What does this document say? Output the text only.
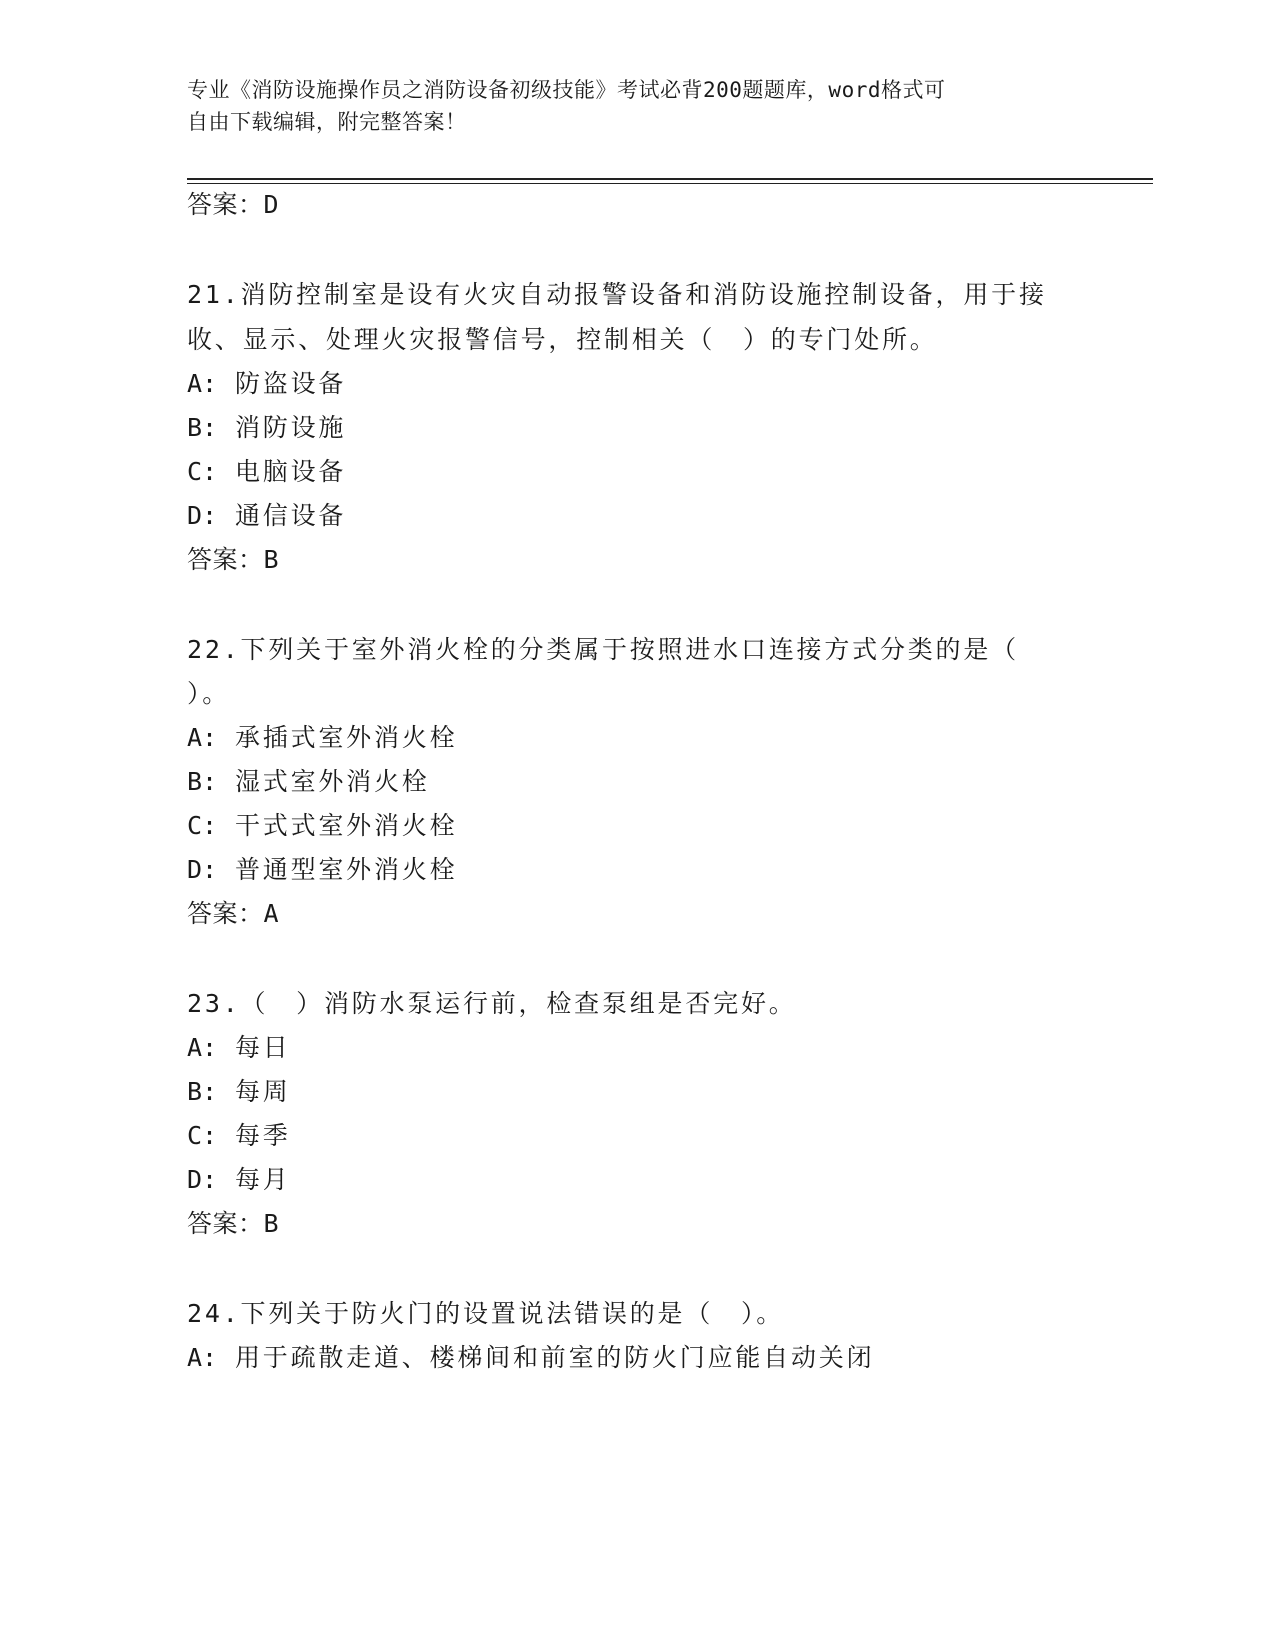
专业《消防设施操作员之消防设备初级技能》考试必背200题题库，word格式可
自由下载编辑，附完整答案！
答案：D
21.消防控制室是设有火灾自动报警设备和消防设施控制设备，用于接
收、显示、处理火灾报警信号，控制相关（　）的专门处所。
A: 防盗设备
B: 消防设施
C: 电脑设备
D: 通信设备
答案：B
22.下列关于室外消火栓的分类属于按照进水口连接方式分类的是（
）。
A: 承插式室外消火栓
B: 湿式室外消火栓
C: 干式式室外消火栓
D: 普通型室外消火栓
答案：A
23.（　）消防水泵运行前，检查泵组是否完好。
A: 每日
B: 每周
C: 每季
D: 每月
答案：B
24.下列关于防火门的设置说法错误的是（　）。
A: 用于疏散走道、楼梯间和前室的防火门应能自动关闭
